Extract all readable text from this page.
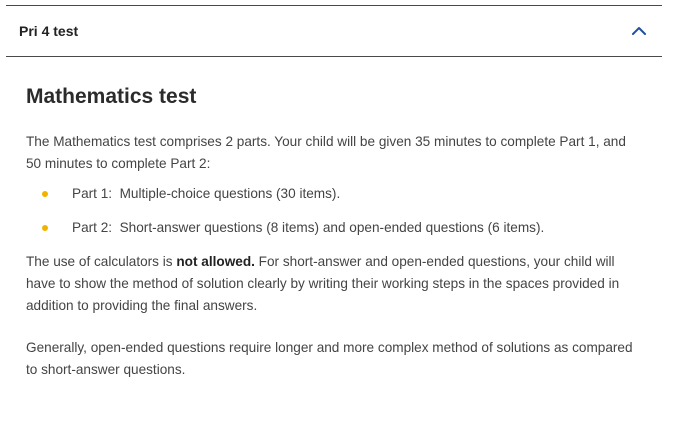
Pri 4 test
Mathematics test

The Mathematics test comprises 2 parts. Your child will be given 35 minutes to complete Part 1, and 50 minutes to complete Part 2:

Part 1: Multiple-choice questions (30 items).
Part 2: Short-answer questions (8 items) and open-ended questions (6 items).

The use of calculators is not allowed. For short-answer and open-ended questions, your child will have to show the method of solution clearly by writing their working steps in the spaces provided in addition to providing the final answers.

Generally, open-ended questions require longer and more complex method of solutions as compared to short-answer questions.
